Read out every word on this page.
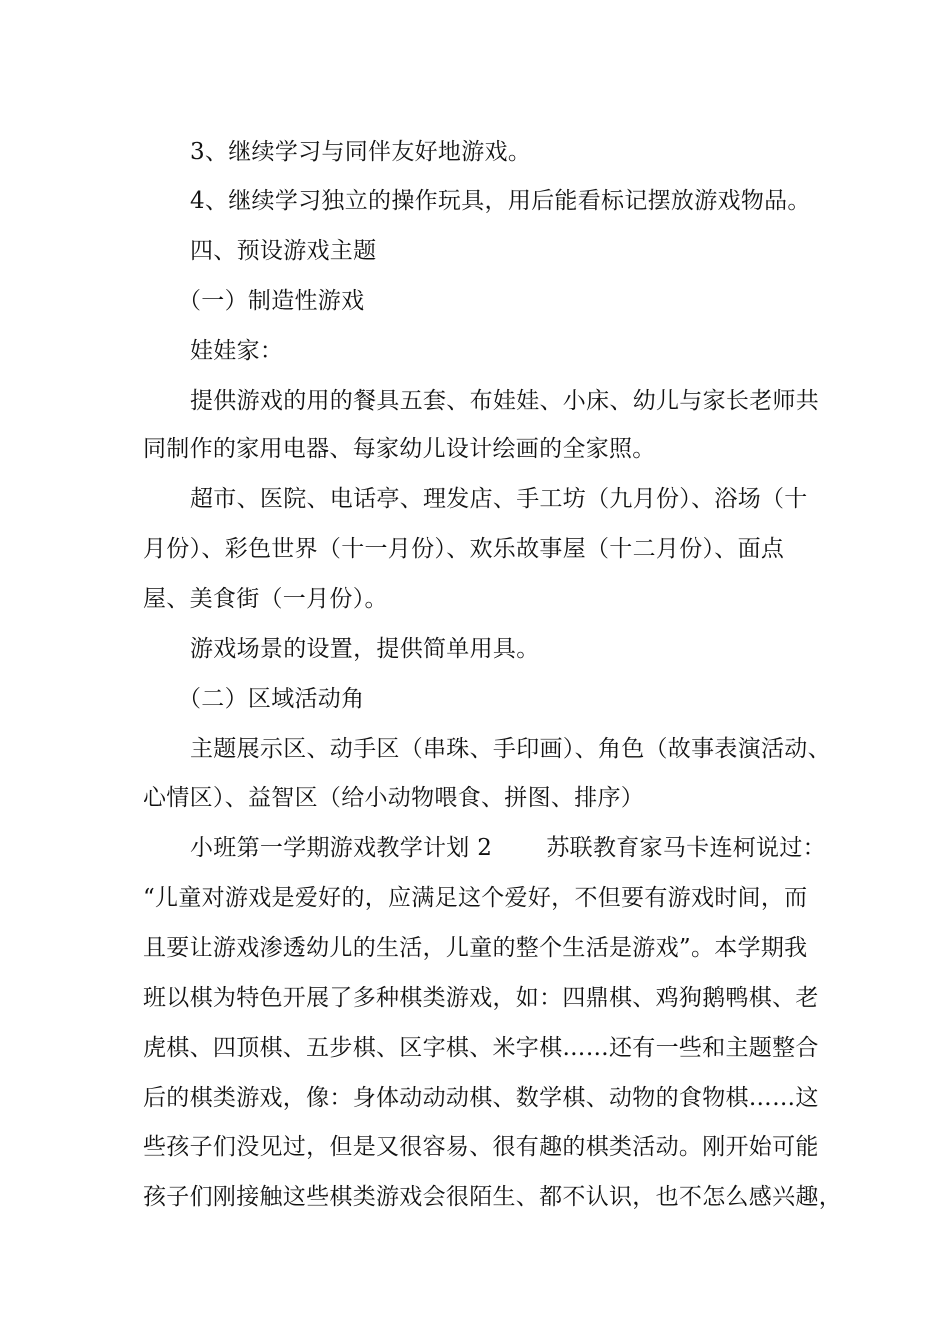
3、继续学习与同伴友好地游戏。
4、继续学习独立的操作玩具，用后能看标记摆放游戏物品。
四、预设游戏主题
（一）制造性游戏
娃娃家：
提供游戏的用的餐具五套、布娃娃、小床、幼儿与家长老师共
同制作的家用电器、每家幼儿设计绘画的全家照。
超市、医院、电话亭、理发店、手工坊（九月份）、浴场（十
月份）、彩色世界（十一月份）、欢乐故事屋（十二月份）、面点
屋、美食街（一月份）。
游戏场景的设置，提供简单用具。
（二）区域活动角
主题展示区、动手区（串珠、手印画）、角色（故事表演活动、
心情区）、益智区（给小动物喂食、拼图、排序）
小班第一学期游戏教学计划 2　　 苏联教育家马卡连柯说过：
“儿童对游戏是爱好的，应满足这个爱好，不但要有游戏时间，而
且要让游戏渗透幼儿的生活，儿童的整个生活是游戏”。本学期我
班以棋为特色开展了多种棋类游戏，如：四鼎棋、鸡狗鹅鸭棋、老
虎棋、四顶棋、五步棋、区字棋、米字棋……还有一些和主题整合
后的棋类游戏，像：身体动动动棋、数学棋、动物的食物棋……这
些孩子们没见过，但是又很容易、很有趣的棋类活动。刚开始可能
孩子们刚接触这些棋类游戏会很陌生、都不认识，也不怎么感兴趣，
